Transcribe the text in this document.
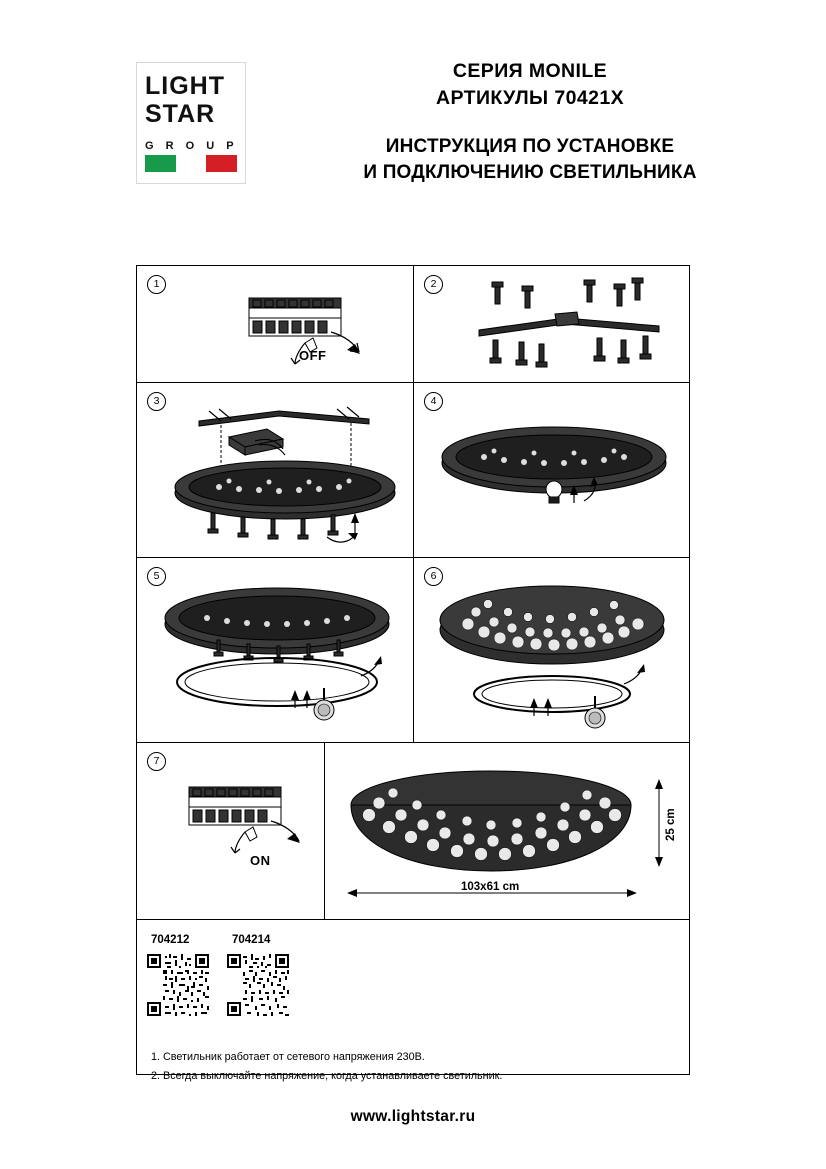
LIGHT
STAR
G R O U P
СЕРИЯ MONILE
АРТИКУЛЫ 70421X
ИНСТРУКЦИЯ ПО УСТАНОВКЕ
И ПОДКЛЮЧЕНИЮ СВЕТИЛЬНИКА
1
OFF
2
3	4
5	6
7
ON
103x61 cm
25 cm
704212	704214
1. Светильник работает от сетевого напряжения 230В.
2. Всегда выключайте напряжение, когда устанавливаете светильник.
www.lightstar.ru
